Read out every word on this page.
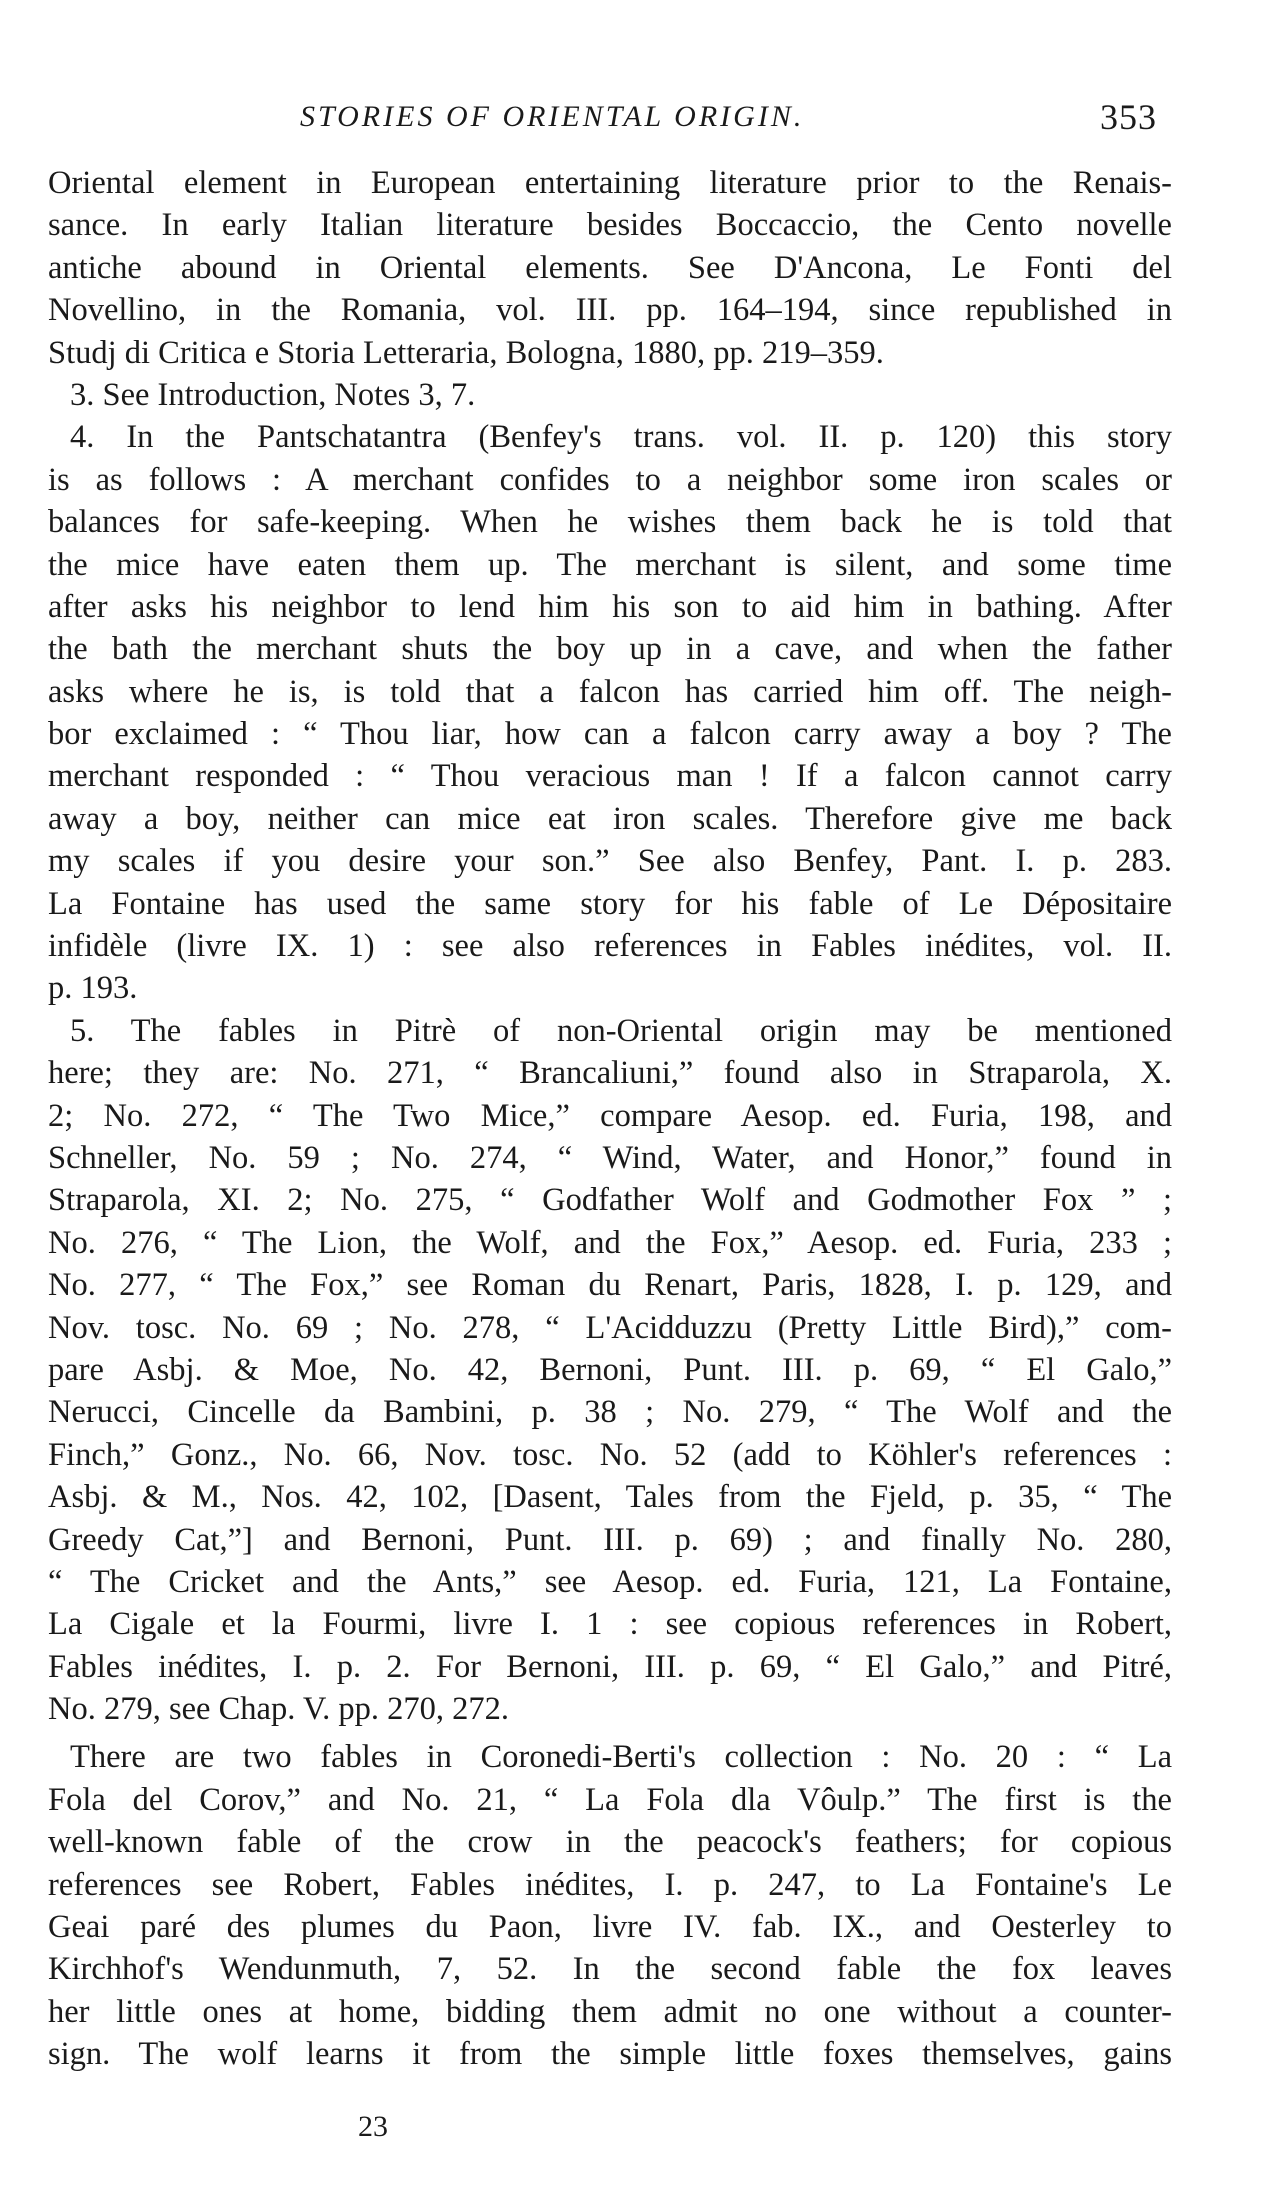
STORIES OF ORIENTAL ORIGIN.	353
Oriental element in European entertaining literature prior to the Renais-
sance. In early Italian literature besides Boccaccio, the Cento novelle
antiche abound in Oriental elements. See D'Ancona, Le Fonti del
Novellino, in the Romania, vol. III. pp. 164–194, since republished in
Studj di Critica e Storia Letteraria, Bologna, 1880, pp. 219–359.
3. See Introduction, Notes 3, 7.
4. In the Pantschatantra (Benfey's trans. vol. II. p. 120) this story
is as follows : A merchant confides to a neighbor some iron scales or
balances for safe-keeping. When he wishes them back he is told that
the mice have eaten them up. The merchant is silent, and some time
after asks his neighbor to lend him his son to aid him in bathing. After
the bath the merchant shuts the boy up in a cave, and when the father
asks where he is, is told that a falcon has carried him off. The neigh-
bor exclaimed : “ Thou liar, how can a falcon carry away a boy ? The
merchant responded : “ Thou veracious man ! If a falcon cannot carry
away a boy, neither can mice eat iron scales. Therefore give me back
my scales if you desire your son.” See also Benfey, Pant. I. p. 283.
La Fontaine has used the same story for his fable of Le Dépositaire
infidèle (livre IX. 1) : see also references in Fables inédites, vol. II.
p. 193.
5. The fables in Pitrè of non-Oriental origin may be mentioned
here; they are: No. 271, “ Brancaliuni,” found also in Straparola, X.
2; No. 272, “ The Two Mice,” compare Aesop. ed. Furia, 198, and
Schneller, No. 59 ; No. 274, “ Wind, Water, and Honor,” found in
Straparola, XI. 2; No. 275, “ Godfather Wolf and Godmother Fox ” ;
No. 276, “ The Lion, the Wolf, and the Fox,” Aesop. ed. Furia, 233 ;
No. 277, “ The Fox,” see Roman du Renart, Paris, 1828, I. p. 129, and
Nov. tosc. No. 69 ; No. 278, “ L'Acidduzzu (Pretty Little Bird),” com-
pare Asbj. & Moe, No. 42, Bernoni, Punt. III. p. 69, “ El Galo,”
Nerucci, Cincelle da Bambini, p. 38 ; No. 279, “ The Wolf and the
Finch,” Gonz., No. 66, Nov. tosc. No. 52 (add to Köhler's references :
Asbj. & M., Nos. 42, 102, [Dasent, Tales from the Fjeld, p. 35, “ The
Greedy Cat,”] and Bernoni, Punt. III. p. 69) ; and finally No. 280,
“ The Cricket and the Ants,” see Aesop. ed. Furia, 121, La Fontaine,
La Cigale et la Fourmi, livre I. 1 : see copious references in Robert,
Fables inédites, I. p. 2. For Bernoni, III. p. 69, “ El Galo,” and Pitré,
No. 279, see Chap. V. pp. 270, 272.
There are two fables in Coronedi-Berti's collection : No. 20 : “ La
Fola del Corov,” and No. 21, “ La Fola dla Vôulp.” The first is the
well-known fable of the crow in the peacock's feathers; for copious
references see Robert, Fables inédites, I. p. 247, to La Fontaine's Le
Geai paré des plumes du Paon, livre IV. fab. IX., and Oesterley to
Kirchhof's Wendunmuth, 7, 52. In the second fable the fox leaves
her little ones at home, bidding them admit no one without a counter-
sign. The wolf learns it from the simple little foxes themselves, gains
23
